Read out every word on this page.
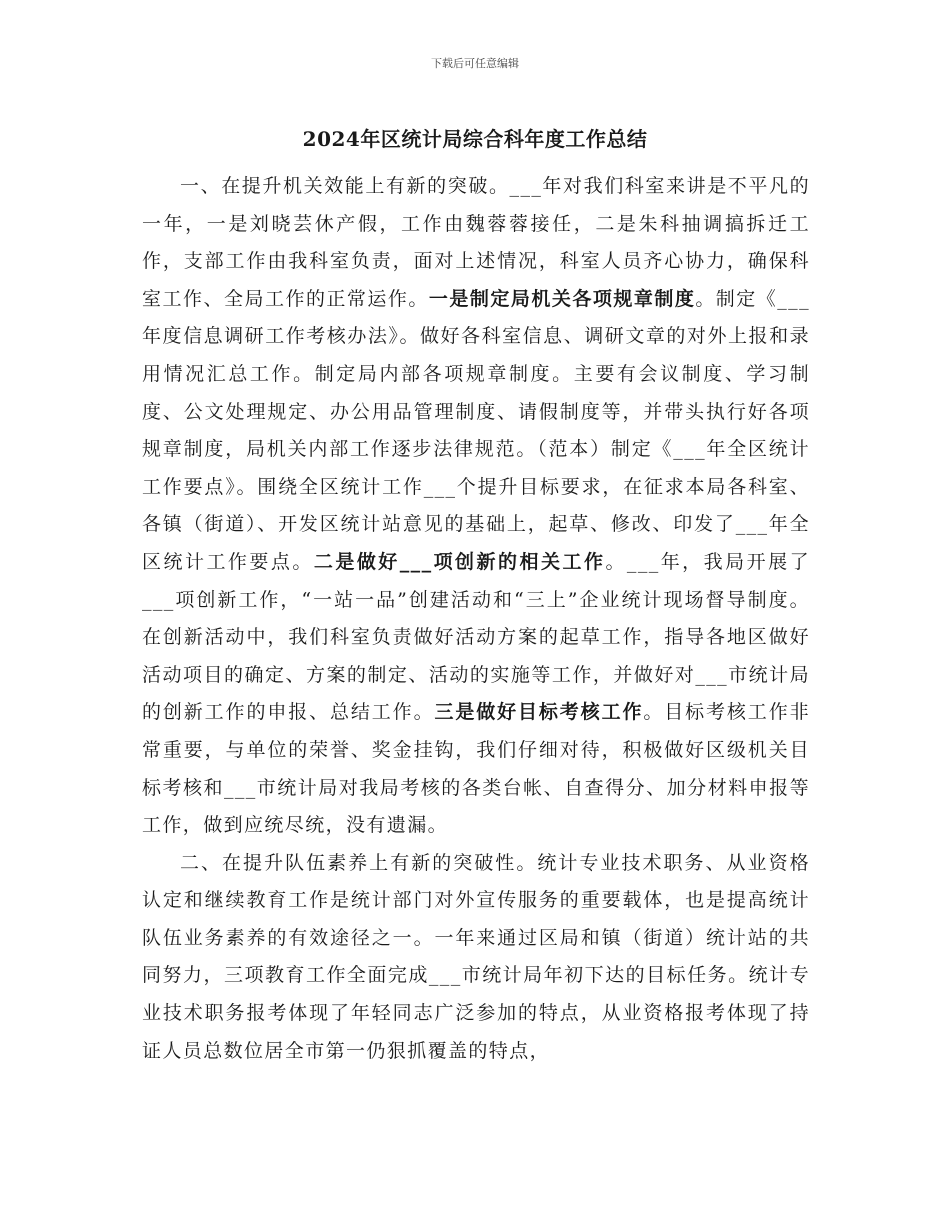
下载后可任意编辑
2024年区统计局综合科年度工作总结

一、在提升机关效能上有新的突破。___年对我们科室来讲是不平凡的一年，一是刘晓芸休产假，工作由魏蓉蓉接任，二是朱科抽调搞拆迁工作，支部工作由我科室负责，面对上述情况，科室人员齐心协力，确保科室工作、全局工作的正常运作。一是制定局机关各项规章制度。制定《___年度信息调研工作考核办法》。做好各科室信息、调研文章的对外上报和录用情况汇总工作。制定局内部各项规章制度。主要有会议制度、学习制度、公文处理规定、办公用品管理制度、请假制度等，并带头执行好各项规章制度，局机关内部工作逐步法律规范。（范本）制定《___年全区统计工作要点》。围绕全区统计工作___个提升目标要求，在征求本局各科室、各镇（街道）、开发区统计站意见的基础上，起草、修改、印发了___年全区统计工作要点。二是做好___项创新的相关工作。___年，我局开展了___项创新工作，“一站一品”创建活动和“三上”企业统计现场督导制度。在创新活动中，我们科室负责做好活动方案的起草工作，指导各地区做好活动项目的确定、方案的制定、活动的实施等工作，并做好对___市统计局的创新工作的申报、总结工作。三是做好目标考核工作。目标考核工作非常重要，与单位的荣誉、奖金挂钩，我们仔细对待，积极做好区级机关目标考核和___市统计局对我局考核的各类台帐、自查得分、加分材料申报等工作，做到应统尽统，没有遗漏。

二、在提升队伍素养上有新的突破性。统计专业技术职务、从业资格认定和继续教育工作是统计部门对外宣传服务的重要载体，也是提高统计队伍业务素养的有效途径之一。一年来通过区局和镇（街道）统计站的共同努力，三项教育工作全面完成___市统计局年初下达的目标任务。统计专业技术职务报考体现了年轻同志广泛参加的特点，从业资格报考体现了持证人员总数位居全市第一仍狠抓覆盖的特点，
